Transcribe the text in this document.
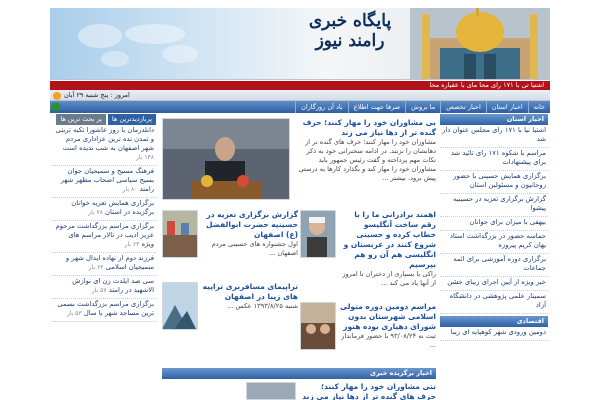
پایگاه خبری
رامند نیوز
اشتیا تی با ۱۷۱ رای محا مای با عقیاره محا
امروز : پنج شنبه ۲۹ آبان
خانه
اخبار استان
اخبار تخصص
ما بروش
صرفا جهت اطلاع
باد آن روزگاران
پربازدیدترین ها
پر بحث ترین ها
دانلدرمان با روز عاشورا تکیه تربتی و تمدن نده ترین عزاداری مردم شهر اصفهان به شب ندیده است ۱۳۸ بار
فرهنگ مسیح و سمیحیان جوان بسیج سیاسی اصحاب مظهر شهر رامند ۸۰ بار
برگزاری همایش تعزیه خوانان برگزیده در استان ۷۸ بار
برگزاری مراسم بزرگداشت مرحوم عزیز ادیب در تالار مراسم های ویژه ۶۴ بار
فرزند دوم از نهاده ایدال شهر و سمیحیان اسلامی ۶۲ بار
سی صد ایلدت زن ای نوازش الاشهید در رامند ۵۷ بار
برگزاری مراسم بزرگداشت بسمی ترین مساجد شهر با سال ۵۳ بار
بی مشاوران خود را مهار کنند؛ حرف گنده تر از دها نیاز می زند
مشاوران خود را مهار کنند؛ حرف های گنده تر از دهانشان را نزنند. در ادامه سخنرانی خود به ذکر نکات مهم پرداخته و گفت رئیس جمهور باید مشاوران خود را مهار کند و بگذارد کارها به درستی پیش برود. بیشتر ...
اهمند برادرانی ما را با رقم ساخت آنگلیسو خطاب کرده و حسینی شروع کنند در عربستان و انگلیسی هم آن رو هم بپرسیم
راکی با بسیاری از دختران تا امروز از آنها یاد می کند ...
گزارش برگزاری تعزیه در حسینیه حضرت ابوالفضل (ع) اصفهان
اول جشنواره های حسینی مردم اصفهان ...
مراسم دومین دوره متولی اسلامی شهرستان بدون شورای دهیاری بوده هنوز
ثبت نه ۹۳/۰۸/۲۴ با حضور فرماندار ...
تراپیمای مسافربری تراپیه های زیبا در اصفهان
شنبه ۱۳۹۳/۸/۲۵ عکس ...
اخبار برگزیده خبری
تنی مشاوران خود را مهار کنند؛ حرف های گنده تر از دها نیاز می زند
اخبار استان
اشتیا نیا با ۱۷۱ رای مجلس عنوان دار شد
مراسم با شکوه ۱۷۱ رای تائید شد برای پیشنهادات
برگزاری همایش حسینی با حضور روحانیون و مسئولین استان
گزارش برگزاری تعزیه در حسینیه پیشوا
بیهقی با میزان برای جوانان
حماسه حضور در بزرگداشت استاد یهان کریم پیروزه
برگزاری دوره آموزشی برای ائمه جماعات
خبر ویژه از آیین اجرای زیبای جشن
سمینار علمی پژوهشی در دانشگاه آزاد
اقتصادی
دومین ورودی شهر کوهپایه ای زیبا
